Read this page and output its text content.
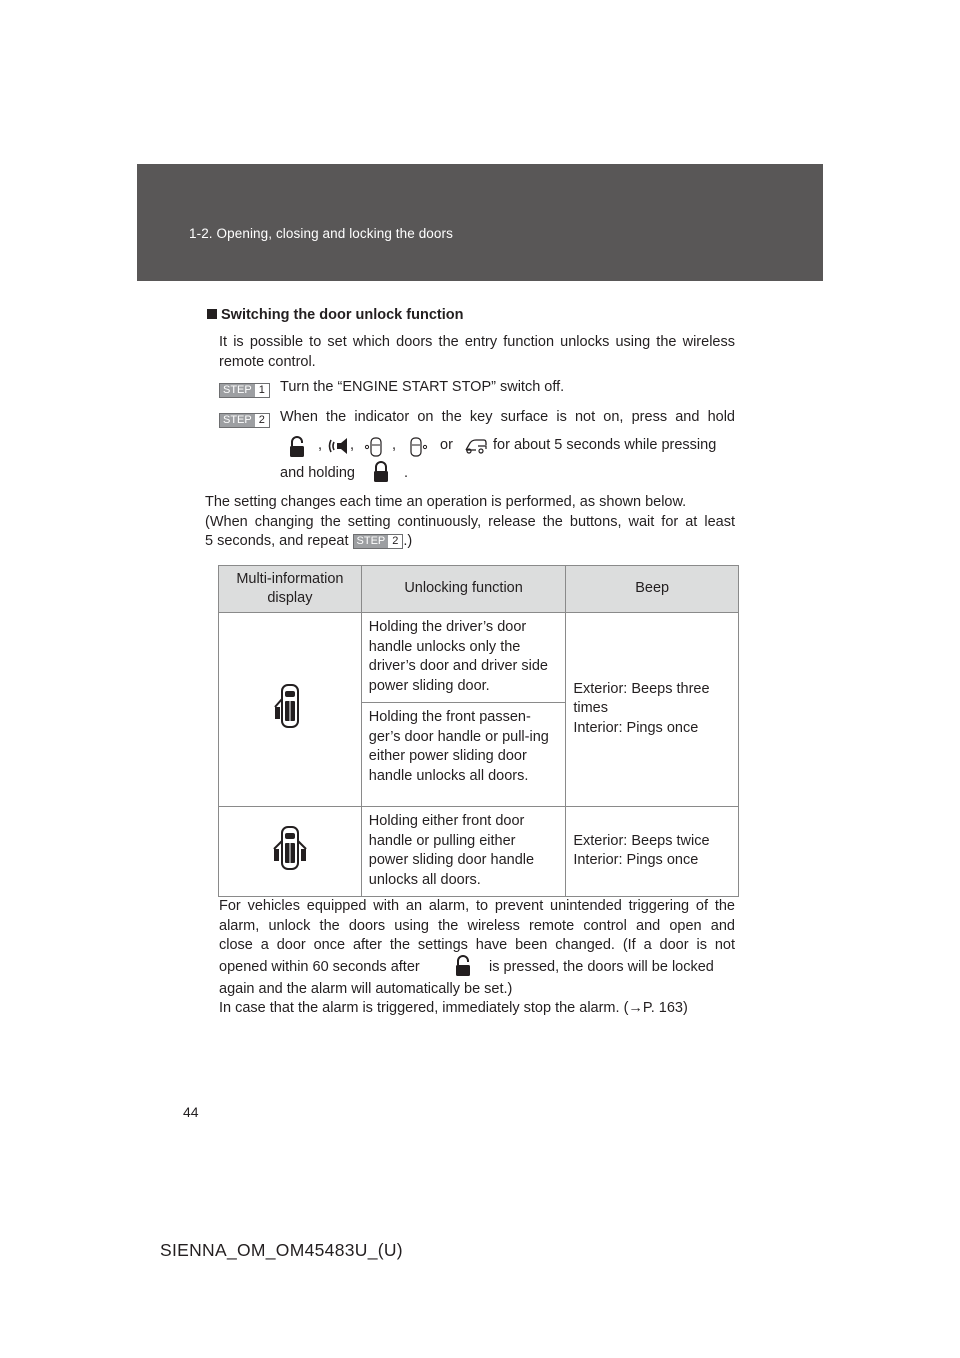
1-2. Opening, closing and locking the doors
Switching the door unlock function
It is possible to set which doors the entry function unlocks using the wireless remote control.
STEP 1	Turn the “ENGINE START STOP” switch off.
STEP 2	When the indicator on the key surface is not on, press and hold
, ,	,	or	for about 5 seconds while pressing
and holding	.
The setting changes each time an operation is performed, as shown below.
(When changing the setting continuously, release the buttons, wait for at least
5 seconds, and repeat STEP 2 .)
Multi-information display	Unlocking function	Beep
	Holding the driver’s door handle unlocks only the driver’s door and driver side power sliding door.	Exterior: Beeps three times
Interior: Pings once

	Holding the front passen-ger’s door handle or pull-ing either power sliding door handle unlocks all doors.	
	Holding either front door handle or pulling either power sliding door handle unlocks all doors.	Exterior: Beeps twice
Interior: Pings once
For vehicles equipped with an alarm, to prevent unintended triggering of the
alarm, unlock the doors using the wireless remote control and open and
close a door once after the settings have been changed. (If a door is not
opened within 60 seconds after	is pressed, the doors will be locked
again and the alarm will automatically be set.)
In case that the alarm is triggered, immediately stop the alarm. (→P. 163)
44
SIENNA_OM_OM45483U_(U)
